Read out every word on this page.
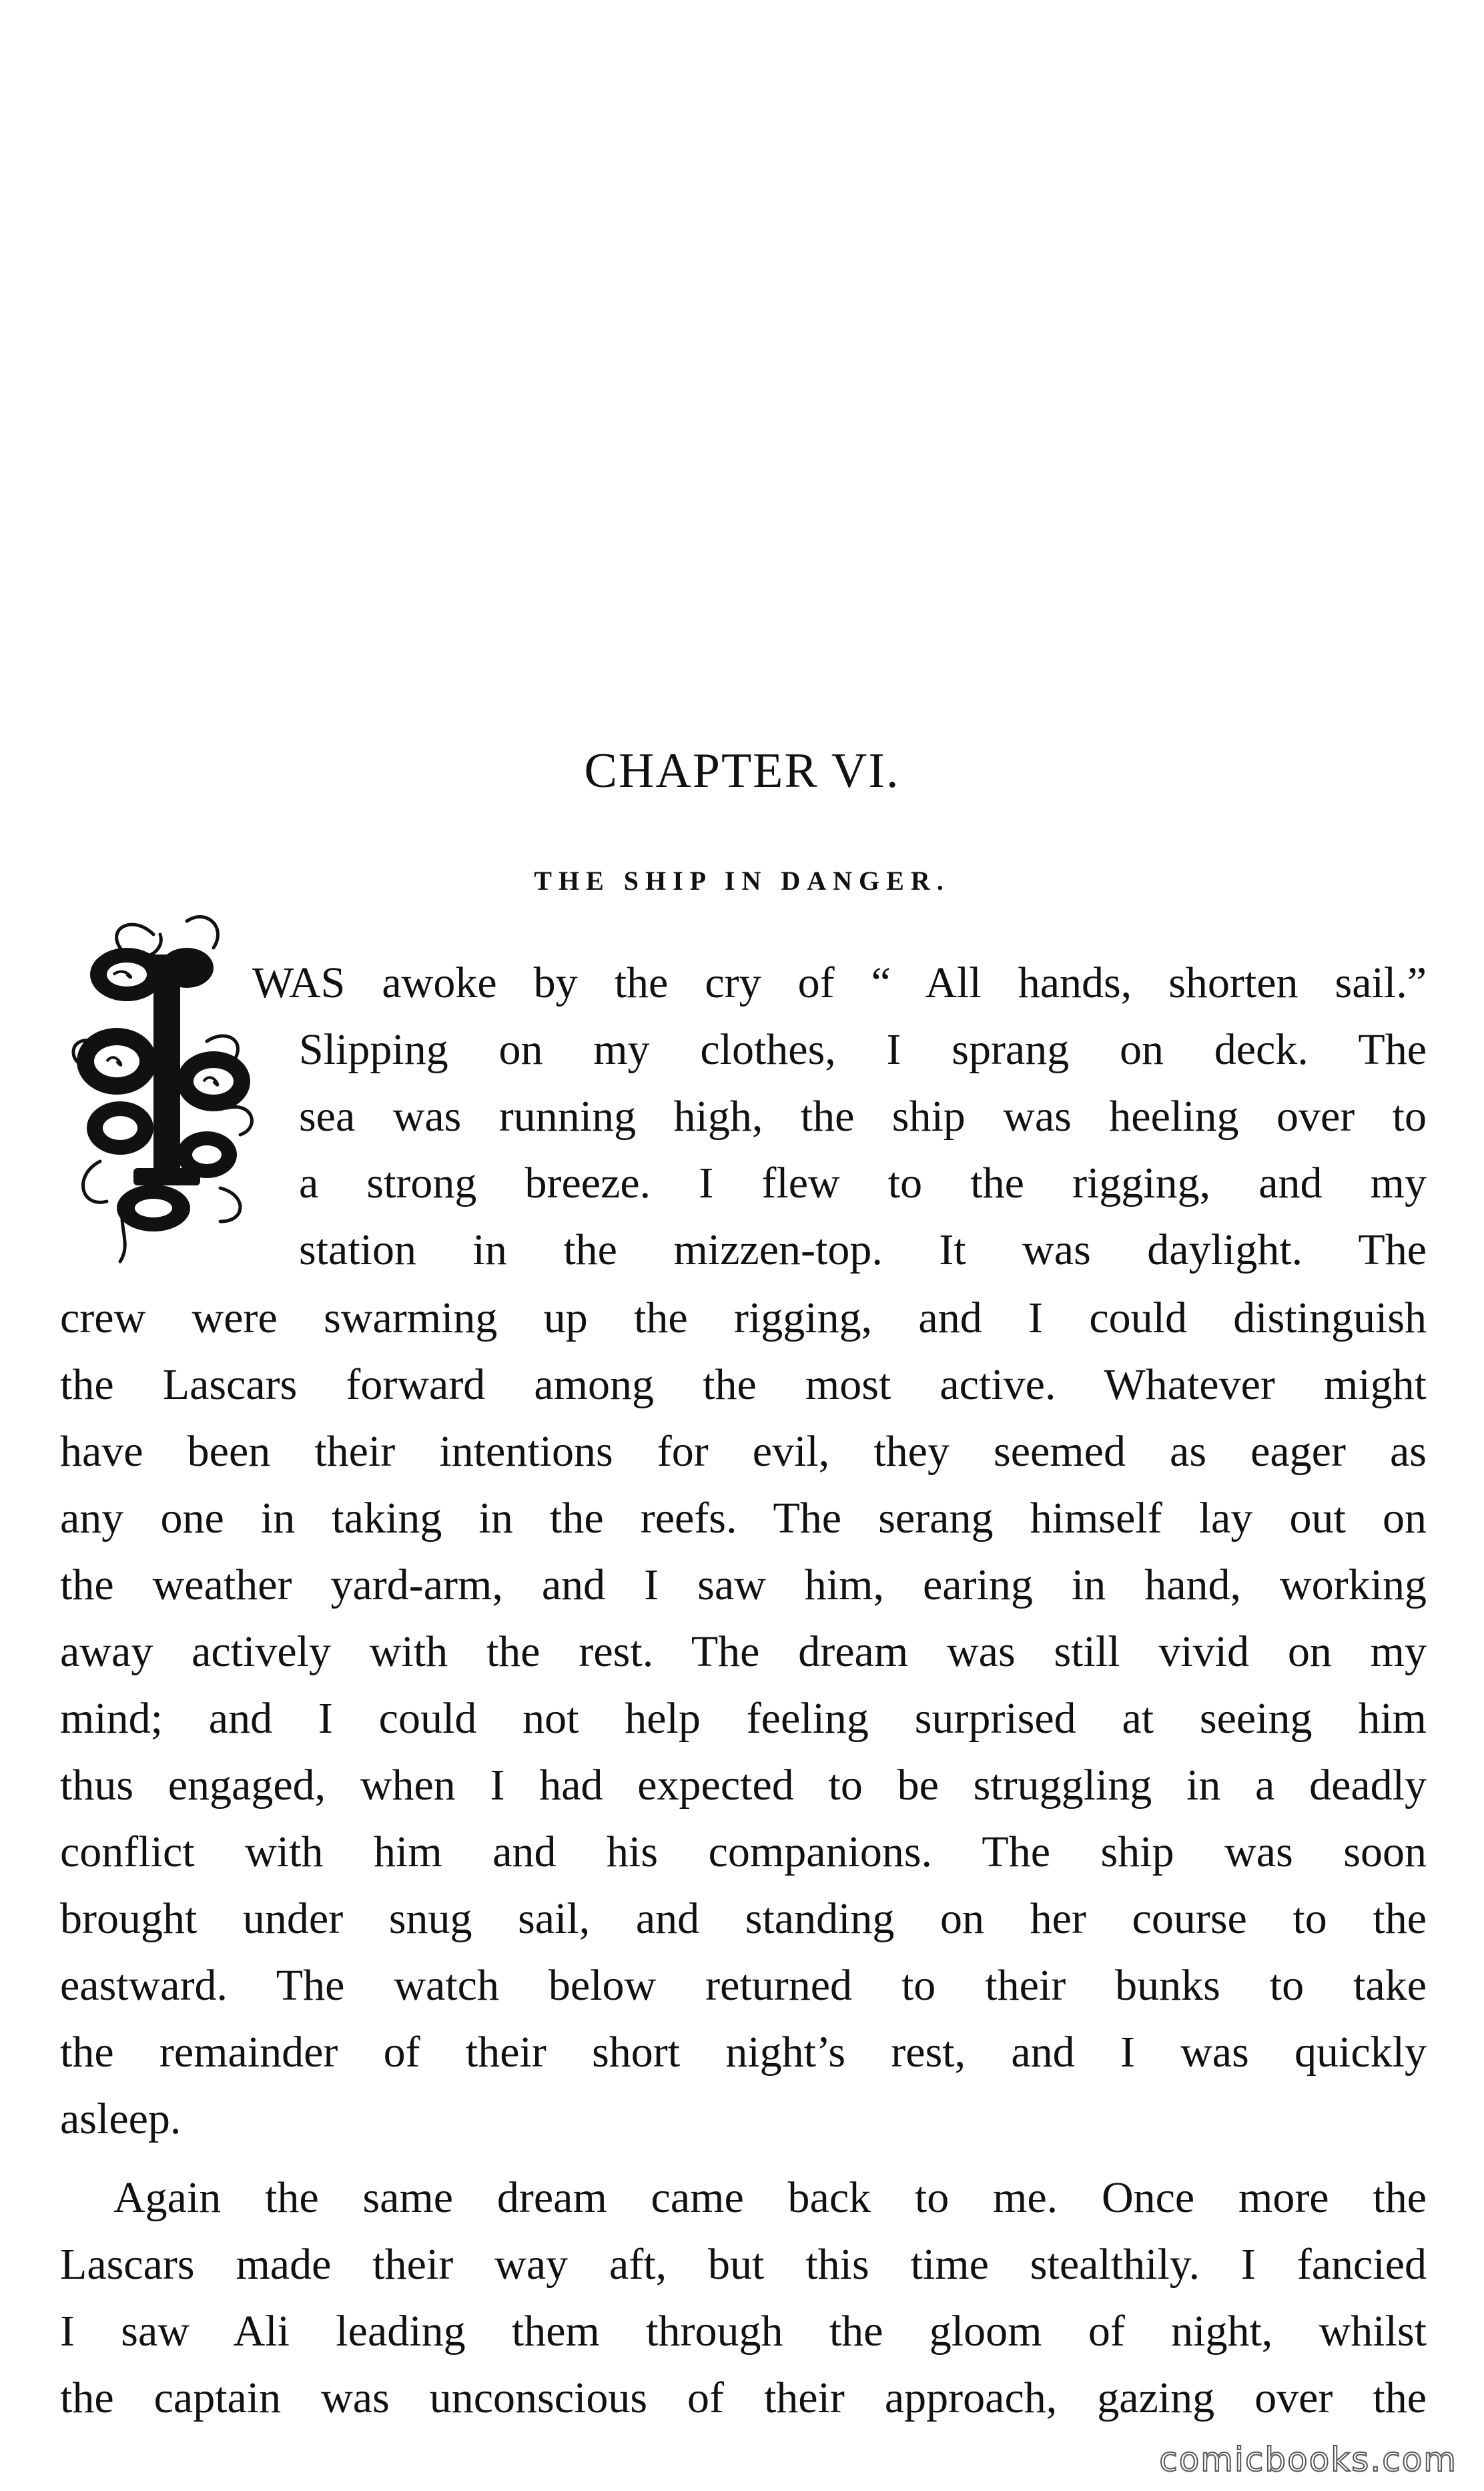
CHAPTER VI.
THE SHIP IN DANGER.
WAS awoke by the cry of “ All hands, shorten sail.”
Slipping on my clothes, I sprang on deck. The
sea was running high, the ship was heeling over to
a strong breeze. I flew to the rigging, and my
station in the mizzen-top. It was daylight. The
crew were swarming up the rigging, and I could distinguish
the Lascars forward among the most active. Whatever might
have been their intentions for evil, they seemed as eager as
any one in taking in the reefs. The serang himself lay out on
the weather yard-arm, and I saw him, earing in hand, working
away actively with the rest. The dream was still vivid on my
mind; and I could not help feeling surprised at seeing him
thus engaged, when I had expected to be struggling in a deadly
conflict with him and his companions. The ship was soon
brought under snug sail, and standing on her course to the
eastward. The watch below returned to their bunks to take
the remainder of their short night’s rest, and I was quickly
asleep.
Again the same dream came back to me. Once more the
Lascars made their way aft, but this time stealthily. I fancied
I saw Ali leading them through the gloom of night, whilst
the captain was unconscious of their approach, gazing over the
comicbooks.com
